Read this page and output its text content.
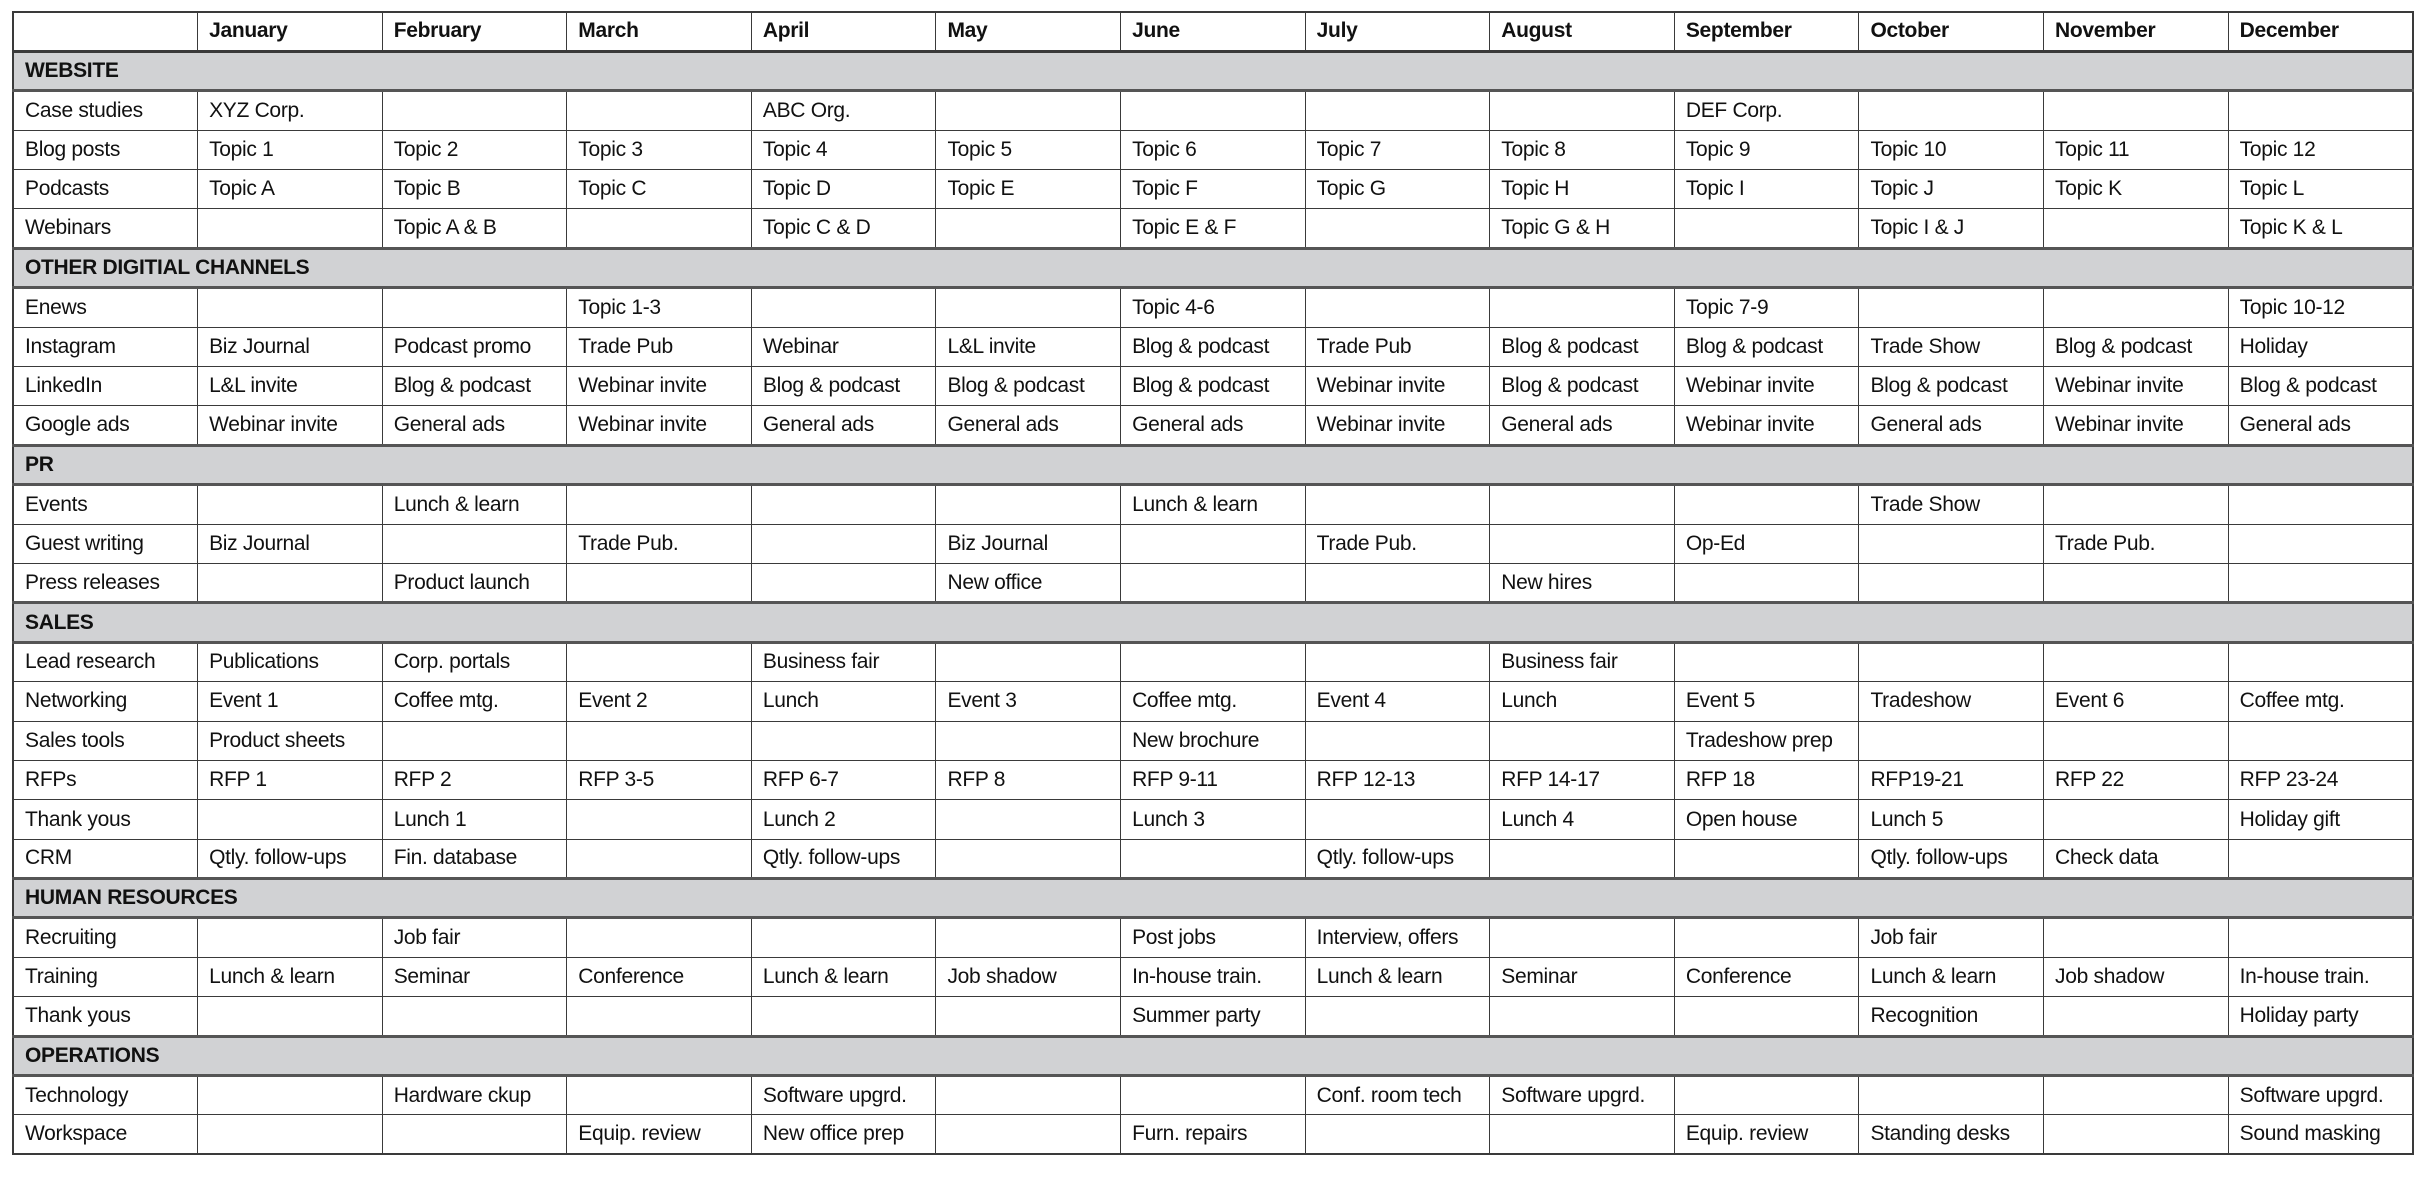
	January	February	March	April	May	June	July	August	September	October	November	December
WEBSITE												
Case studies	XYZ Corp.			ABC Org.					DEF Corp.			
Blog posts	Topic 1	Topic 2	Topic 3	Topic 4	Topic 5	Topic 6	Topic 7	Topic 8	Topic 9	Topic 10	Topic 11	Topic 12
Podcasts	Topic A	Topic B	Topic C	Topic D	Topic E	Topic F	Topic G	Topic H	Topic I	Topic J	Topic K	Topic L
Webinars		Topic A & B		Topic C & D		Topic E & F		Topic G & H		Topic I & J		Topic K & L
OTHER DIGITIAL CHANNELS												
Enews			Topic 1-3			Topic 4-6			Topic 7-9			Topic 10-12
Instagram	Biz Journal	Podcast promo	Trade Pub	Webinar	L&L invite	Blog & podcast	Trade Pub	Blog & podcast	Blog & podcast	Trade Show	Blog & podcast	Holiday
LinkedIn	L&L invite	Blog & podcast	Webinar invite	Blog & podcast	Blog & podcast	Blog & podcast	Webinar invite	Blog & podcast	Webinar invite	Blog & podcast	Webinar invite	Blog & podcast
Google ads	Webinar invite	General ads	Webinar invite	General ads	General ads	General ads	Webinar invite	General ads	Webinar invite	General ads	Webinar invite	General ads
PR												
Events		Lunch & learn				Lunch & learn				Trade Show		
Guest writing	Biz Journal		Trade Pub.		Biz Journal		Trade Pub.		Op-Ed		Trade Pub.	
Press releases		Product launch			New office			New hires				
SALES												
Lead research	Publications	Corp. portals		Business fair				Business fair				
Networking	Event 1	Coffee mtg.	Event 2	Lunch	Event 3	Coffee mtg.	Event 4	Lunch	Event 5	Tradeshow	Event 6	Coffee mtg.
Sales tools	Product sheets					New brochure			Tradeshow prep			
RFPs	RFP 1	RFP 2	RFP 3-5	RFP 6-7	RFP 8	RFP 9-11	RFP 12-13	RFP 14-17	RFP 18	RFP19-21	RFP 22	RFP 23-24
Thank yous		Lunch 1		Lunch 2		Lunch 3		Lunch 4	Open house	Lunch 5		Holiday gift
CRM	Qtly. follow-ups	Fin. database		Qtly. follow-ups			Qtly. follow-ups			Qtly. follow-ups	Check data	
HUMAN RESOURCES												
Recruiting		Job fair				Post jobs	Interview, offers			Job fair		
Training	Lunch & learn	Seminar	Conference	Lunch & learn	Job shadow	In-house train.	Lunch & learn	Seminar	Conference	Lunch & learn	Job shadow	In-house train.
Thank yous						Summer party				Recognition		Holiday party
OPERATIONS												
Technology		Hardware ckup		Software upgrd.			Conf. room tech	Software upgrd.				Software upgrd.
Workspace			Equip. review	New office prep		Furn. repairs			Equip. review	Standing desks		Sound masking
